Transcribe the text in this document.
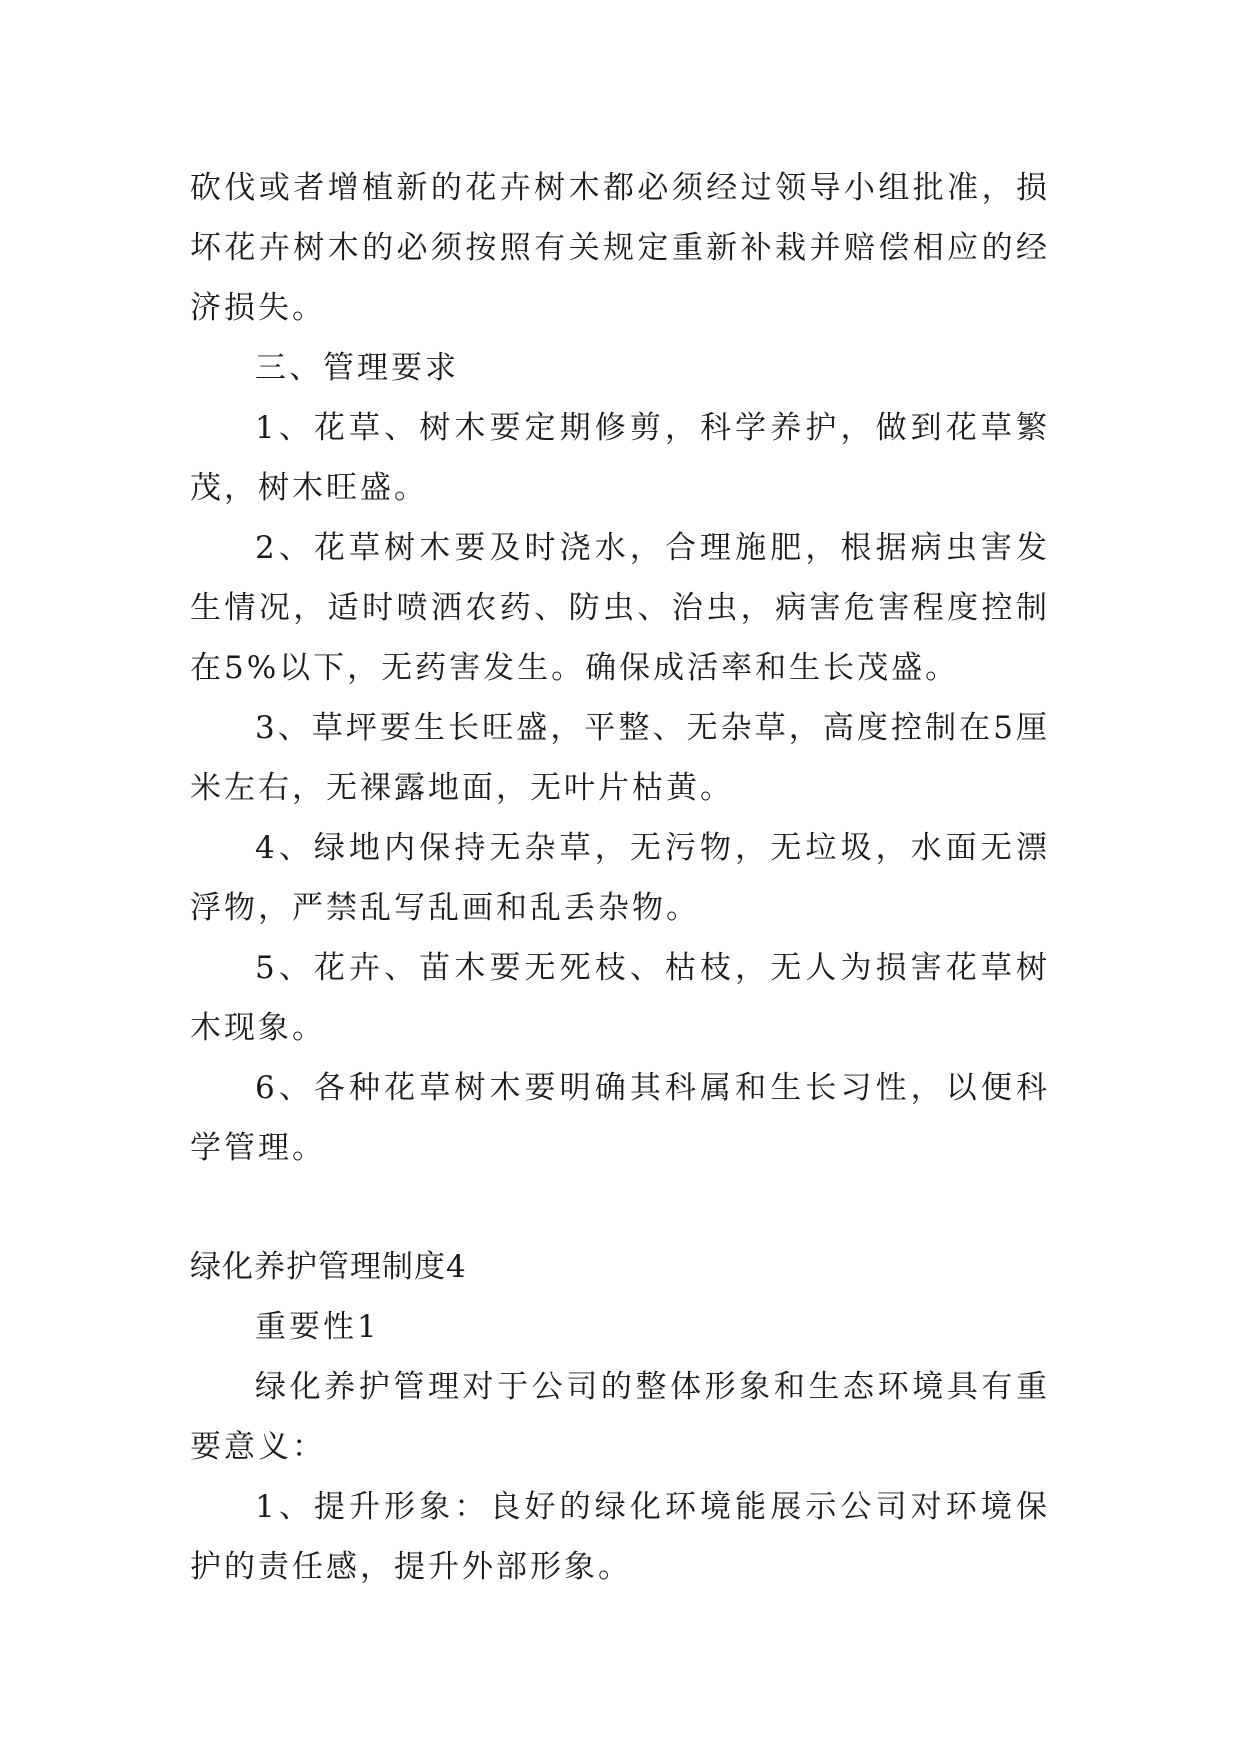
砍伐或者增植新的花卉树木都必须经过领导小组批准，损坏花卉树木的必须按照有关规定重新补栽并赔偿相应的经济损失。

三、管理要求

1、花草、树木要定期修剪，科学养护，做到花草繁茂，树木旺盛。

2、花草树木要及时浇水，合理施肥，根据病虫害发生情况，适时喷洒农药、防虫、治虫，病害危害程度控制在5%以下，无药害发生。确保成活率和生长茂盛。

3、草坪要生长旺盛，平整、无杂草，高度控制在5厘米左右，无裸露地面，无叶片枯黄。

4、绿地内保持无杂草，无污物，无垃圾，水面无漂浮物，严禁乱写乱画和乱丢杂物。

5、花卉、苗木要无死枝、枯枝，无人为损害花草树木现象。

6、各种花草树木要明确其科属和生长习性，以便科学管理。

绿化养护管理制度4

重要性1

绿化养护管理对于公司的整体形象和生态环境具有重要意义：

1、提升形象：良好的绿化环境能展示公司对环境保护的责任感，提升外部形象。
